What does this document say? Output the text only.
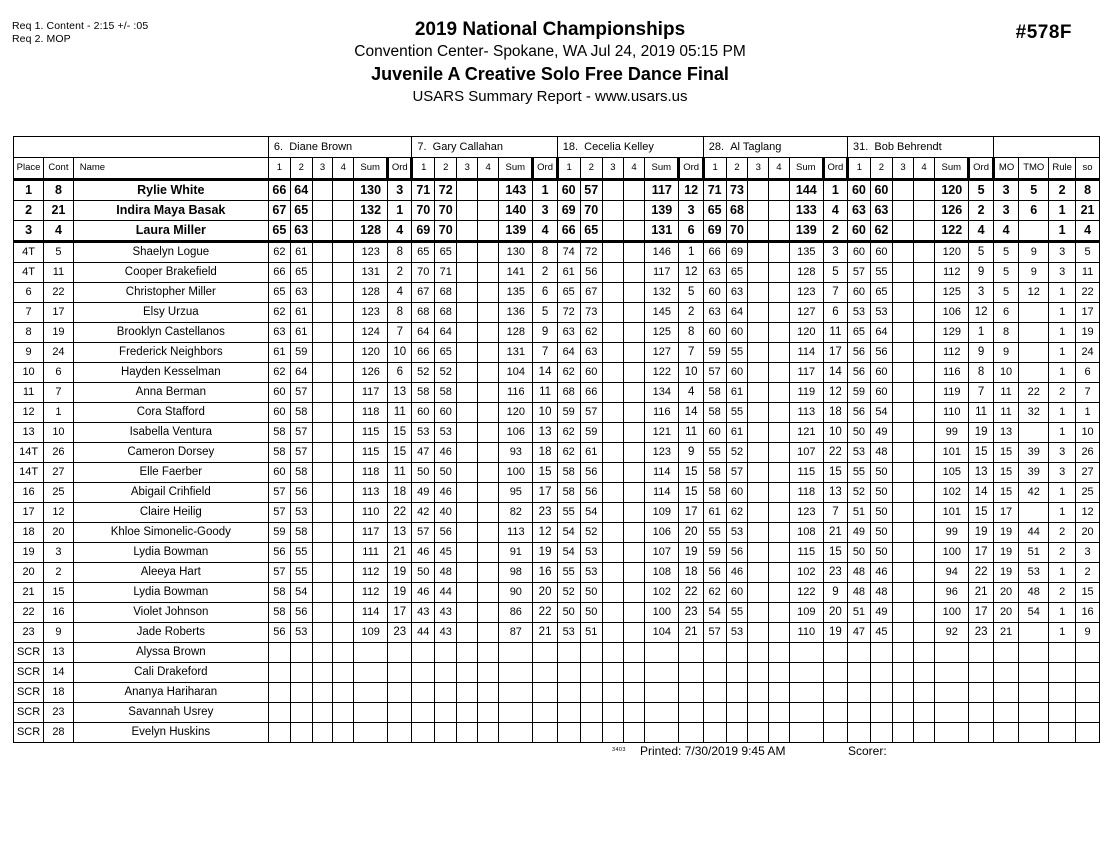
Req 1. Content - 2:15 +/- :05
Req 2. MOP	#578F
2019 National Championships
Convention Center- Spokane, WA Jul 24, 2019 05:15 PM
Juvenile A Creative Solo Free Dance Final
USARS Summary Report - www.usars.us
			6. Diane Brown						7. Gary Callahan						18. Cecelia Kelley						28. Al Taglang						31. Bob Behrendt									
Place	Cont	Name	1	2	3	4	Sum	Ord	1	2	3	4	Sum	Ord	1	2	3	4	Sum	Ord	1	2	3	4	Sum	Ord	1	2	3	4	Sum	Ord	MO	TMO	Rule	so
1	8	Rylie White	66	64			130	3	71	72			143	1	60	57			117	12	71	73			144	1	60	60			120	5	3	5	2	8
2	21	Indira Maya Basak	67	65			132	1	70	70			140	3	69	70			139	3	65	68			133	4	63	63			126	2	3	6	1	21
3	4	Laura Miller	65	63			128	4	69	70			139	4	66	65			131	6	69	70			139	2	60	62			122	4	4		1	4
4T	5	Shaelyn Logue	62	61			123	8	65	65			130	8	74	72			146	1	66	69			135	3	60	60			120	5	5	9	3	5
4T	11	Cooper Brakefield	66	65			131	2	70	71			141	2	61	56			117	12	63	65			128	5	57	55			112	9	5	9	3	11
6	22	Christopher Miller	65	63			128	4	67	68			135	6	65	67			132	5	60	63			123	7	60	65			125	3	5	12	1	22
7	17	Elsy Urzua	62	61			123	8	68	68			136	5	72	73			145	2	63	64			127	6	53	53			106	12	6		1	17
8	19	Brooklyn Castellanos	63	61			124	7	64	64			128	9	63	62			125	8	60	60			120	11	65	64			129	1	8		1	19
9	24	Frederick Neighbors	61	59			120	10	66	65			131	7	64	63			127	7	59	55			114	17	56	56			112	9	9		1	24
10	6	Hayden Kesselman	62	64			126	6	52	52			104	14	62	60			122	10	57	60			117	14	56	60			116	8	10		1	6
11	7	Anna Berman	60	57			117	13	58	58			116	11	68	66			134	4	58	61			119	12	59	60			119	7	11	22	2	7
12	1	Cora Stafford	60	58			118	11	60	60			120	10	59	57			116	14	58	55			113	18	56	54			110	11	11	32	1	1
13	10	Isabella Ventura	58	57			115	15	53	53			106	13	62	59			121	11	60	61			121	10	50	49			99	19	13		1	10
14T	26	Cameron Dorsey	58	57			115	15	47	46			93	18	62	61			123	9	55	52			107	22	53	48			101	15	15	39	3	26
14T	27	Elle Faerber	60	58			118	11	50	50			100	15	58	56			114	15	58	57			115	15	55	50			105	13	15	39	3	27
16	25	Abigail Crihfield	57	56			113	18	49	46			95	17	58	56			114	15	58	60			118	13	52	50			102	14	15	42	1	25
17	12	Claire Heilig	57	53			110	22	42	40			82	23	55	54			109	17	61	62			123	7	51	50			101	15	17		1	12
18	20	Khloe Simonelic-Goody	59	58			117	13	57	56			113	12	54	52			106	20	55	53			108	21	49	50			99	19	19	44	2	20
19	3	Lydia Bowman	56	55			111	21	46	45			91	19	54	53			107	19	59	56			115	15	50	50			100	17	19	51	2	3
20	2	Aleeya Hart	57	55			112	19	50	48			98	16	55	53			108	18	56	46			102	23	48	46			94	22	19	53	1	2
21	15	Lydia Bowman	58	54			112	19	46	44			90	20	52	50			102	22	62	60			122	9	48	48			96	21	20	48	2	15
22	16	Violet Johnson	58	56			114	17	43	43			86	22	50	50			100	23	54	55			109	20	51	49			100	17	20	54	1	16
23	9	Jade Roberts	56	53			109	23	44	43			87	21	53	51			104	21	57	53			110	19	47	45			92	23	21		1	9
SCR	13	Alyssa Brown																																		
SCR	14	Cali Drakeford																																		
SCR	18	Ananya Hariharan																																		
SCR	23	Savannah Usrey																																		
SCR	28	Evelyn Huskins																																		
3403 Printed: 7/30/2019 9:45 AM	Scorer:
